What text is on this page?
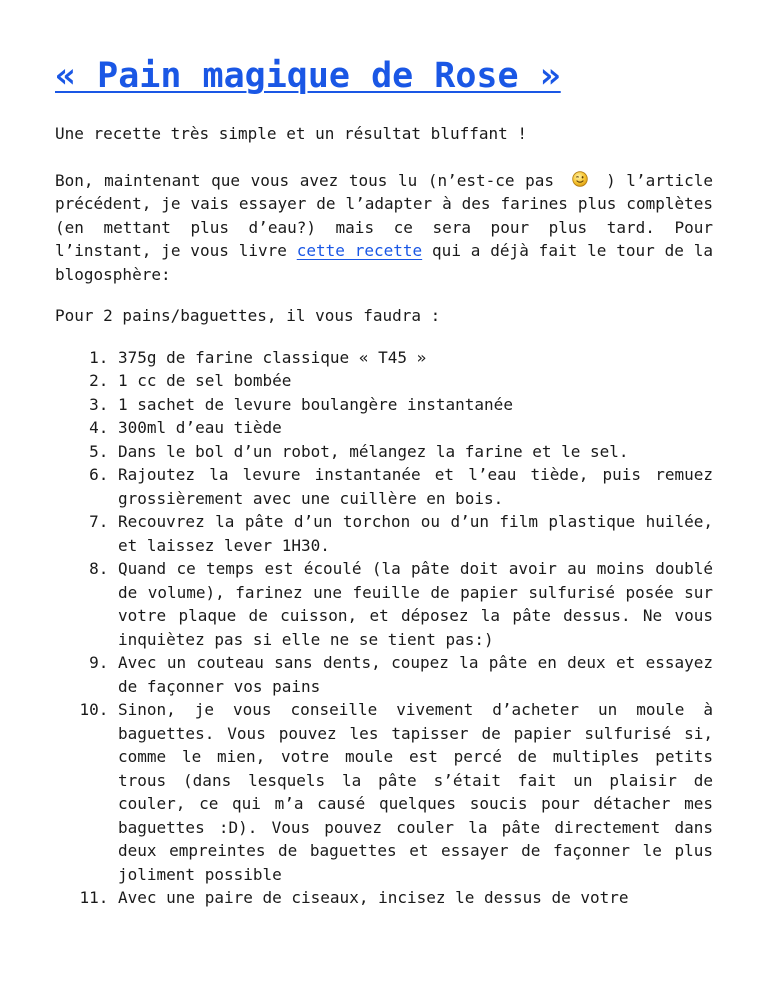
« Pain magique de Rose »

Une recette très simple et un résultat bluffant !

Bon, maintenant que vous avez tous lu (n’est-ce pas	) l’article précédent, je vais essayer de l’adapter à des farines plus complètes (en mettant plus d’eau?) mais ce sera pour plus tard. Pour l’instant, je vous livre cette recette qui a déjà fait le tour de la blogosphère:

Pour 2 pains/baguettes, il vous faudra :

1. 375g de farine classique « T45 »
2. 1 cc de sel bombée
3. 1 sachet de levure boulangère instantanée
4. 300ml d’eau tiède
5. Dans le bol d’un robot, mélangez la farine et le sel.
6. Rajoutez la levure instantanée et l’eau tiède, puis remuez grossièrement avec une cuillère en bois.
7. Recouvrez la pâte d’un torchon ou d’un film plastique huilée, et laissez lever 1H30.
8. Quand ce temps est écoulé (la pâte doit avoir au moins doublé de volume), farinez une feuille de papier sulfurisé posée sur votre plaque de cuisson, et déposez la pâte dessus. Ne vous inquiètez pas si elle ne se tient pas:)
9. Avec un couteau sans dents, coupez la pâte en deux et essayez de façonner vos pains
10. Sinon, je vous conseille vivement d’acheter un moule à baguettes. Vous pouvez les tapisser de papier sulfurisé si, comme le mien, votre moule est percé de multiples petits trous (dans lesquels la pâte s’était fait un plaisir de couler, ce qui m’a causé quelques soucis pour détacher mes baguettes :D). Vous pouvez couler la pâte directement dans deux empreintes de baguettes et essayer de façonner le plus joliment possible
11. Avec une paire de ciseaux, incisez le dessus de votre
